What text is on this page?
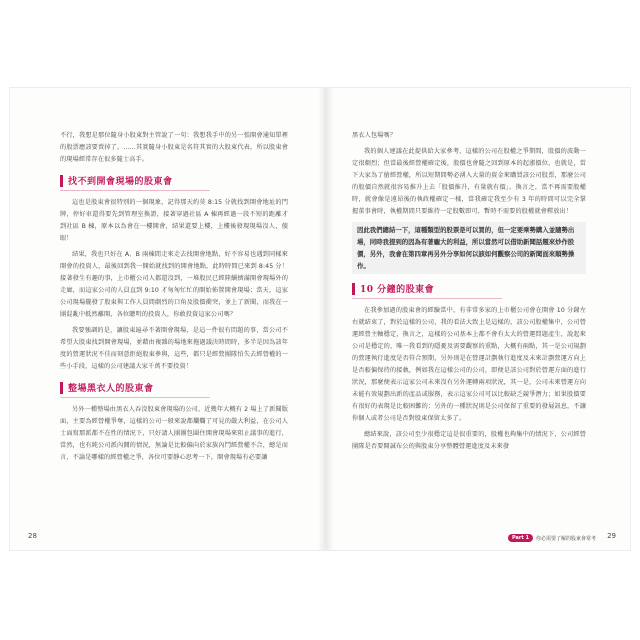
不行，我想是那位隨身小股東對主管說了一句：我想我手中的另一張開會通知單裡的股票應該要賣掉了。……其實隨身小股東是名符其實的大股東代表，所以股東會的現場經常存在很多隨士高手。

找不到開會現場的股東會

這也是股東會很特別的一個現象，記得那天約莫 8:15 分就找到開會地址的門牌，停好車還得要先到管理室換證，接著穿過社區 A 棟再經過一段不短的距離才到社區 B 棟，原本以為會在一樓開會，結果還要上樓，上樓後發現現場沒人，傻眼！

結果，我也只好在 A、B 兩棟間走來走去找開會地點，好不容易也遇到同樣來開會的投資人，最後回到我一開始就找到的開會地點，此時時間已來到 8:45 分！接著發生有趣的事，上市櫃公司人都還沒到，一堆股民已經陸續擠滿開會現場外的走廊，而這家公司的人員直到 9:10 才匆匆忙忙的開始佈置開會現場；當天，這家公司現場擺發了股東與工作人員間劇烈的口角及股價衝突，並上了新聞，而我在一團混亂中抵然離開，各位聰明的投資人，你敢投資這家公司嗎？

我要強調的是，讓股東遍尋不著開會現場，是這一件很有問題的事，當公司不希望大股東找到開會現場，並藉由複雜的場地來拖過議決時間時，多半是因為該年度的營運狀況不佳而刻意拒絕股東參與，這些，都只是經營團隊怕失去經營權的一些小手段，這樣的公司建議大家千萬不要投資！

整場黑衣人的股東會

另外一種整場由黑衣人吞沒股東會現場的公司，近幾年大概有 2 場上了新聞版面，主要為經營權爭奪，這樣的公司一般來說都爛爛了可見的嚴大利益，在公司人士面寫那派都不在性的情況下，只好請人團團包圍住開會現場來阻止議事的進行，當然，也有純公司派內鬨的情況，無論是比較偏向於家族內鬥經營權不合，總是而言，不論是哪樣的經營權之爭，各位可要靜心思考一下，開會現場有必要讓

28

黑衣人包場嗎？

我的個人建議在此提供給大家參考，這樣的公司在股權之爭期間，股價的波動一定很劇烈；但當最後經營權確定後，股價也會隨之回到原本的起漲價位，也就是，當下大家為了搶經營權，所以短期間勢必湧入大量的資金來購買該公司股票，那麼公司的股價自然就很容易推升上去「股價推升，有量就有價」。換言之，當不再需要股權時，就會像是遠昂後的執政權確定一樣，當我確定我至少有 3 年的時間可以完全掌握董事會時，執權期間只要維持一定股數即可，暫時不需要的股權就會釋放出！

因此我們總結一下，這種類型的股票是可以買的，但一定要乘勢購入並隨勢出場，同時我提到的因為有著龐大的利益，所以當然可以借助新聞話題來炒作股價，另外，我會在第四章再另外分享如何以該如何觀察公司的新聞面來順勢操作。
10 分鐘的股東會

在我參加過的股東會的經驗當中，有非常多家的上市櫃公司會在開會 10 分鐘左右就結束了，對於這樣的公司，我的看法大致上是這樣的，該公司股權集中，公司營運經營主軸穩定，換言之，這樣的公司基本上都不會有太大的營運問題產生，說起來公司是穩定的，唯一我看到的隱憂及需要觀察的重點，大概有兩點，其一是公司規劃的營運執行進度是否符合預期，另外則是在營運計劃執行進度及未來計劃營運方向上是否較偏保持的接軌，例如我在這樣公司的公司，即便是該公司對於營運方面的進行狀況，那麼便表示這家公司未來沒有另外運轉兩項狀況，其一是，公司未來營運方向未能有效規劃出新的產品或服務，表示這家公司可以比較缺乏競爭潛力；如果股價要有很好的表現是比較困難的；另外的一種狀況則是公司保留了重要的發展訊息，不讓你個人或者公司是否對股東保留太多了。

總結來說，該公司至少很穩定這是很重要的，股權也夠集中的情況下，公司經營團隊是否要開誠布公的與股東分享整體營運進度及未來發

Part 1	你必需要了解的股東會常考 29
